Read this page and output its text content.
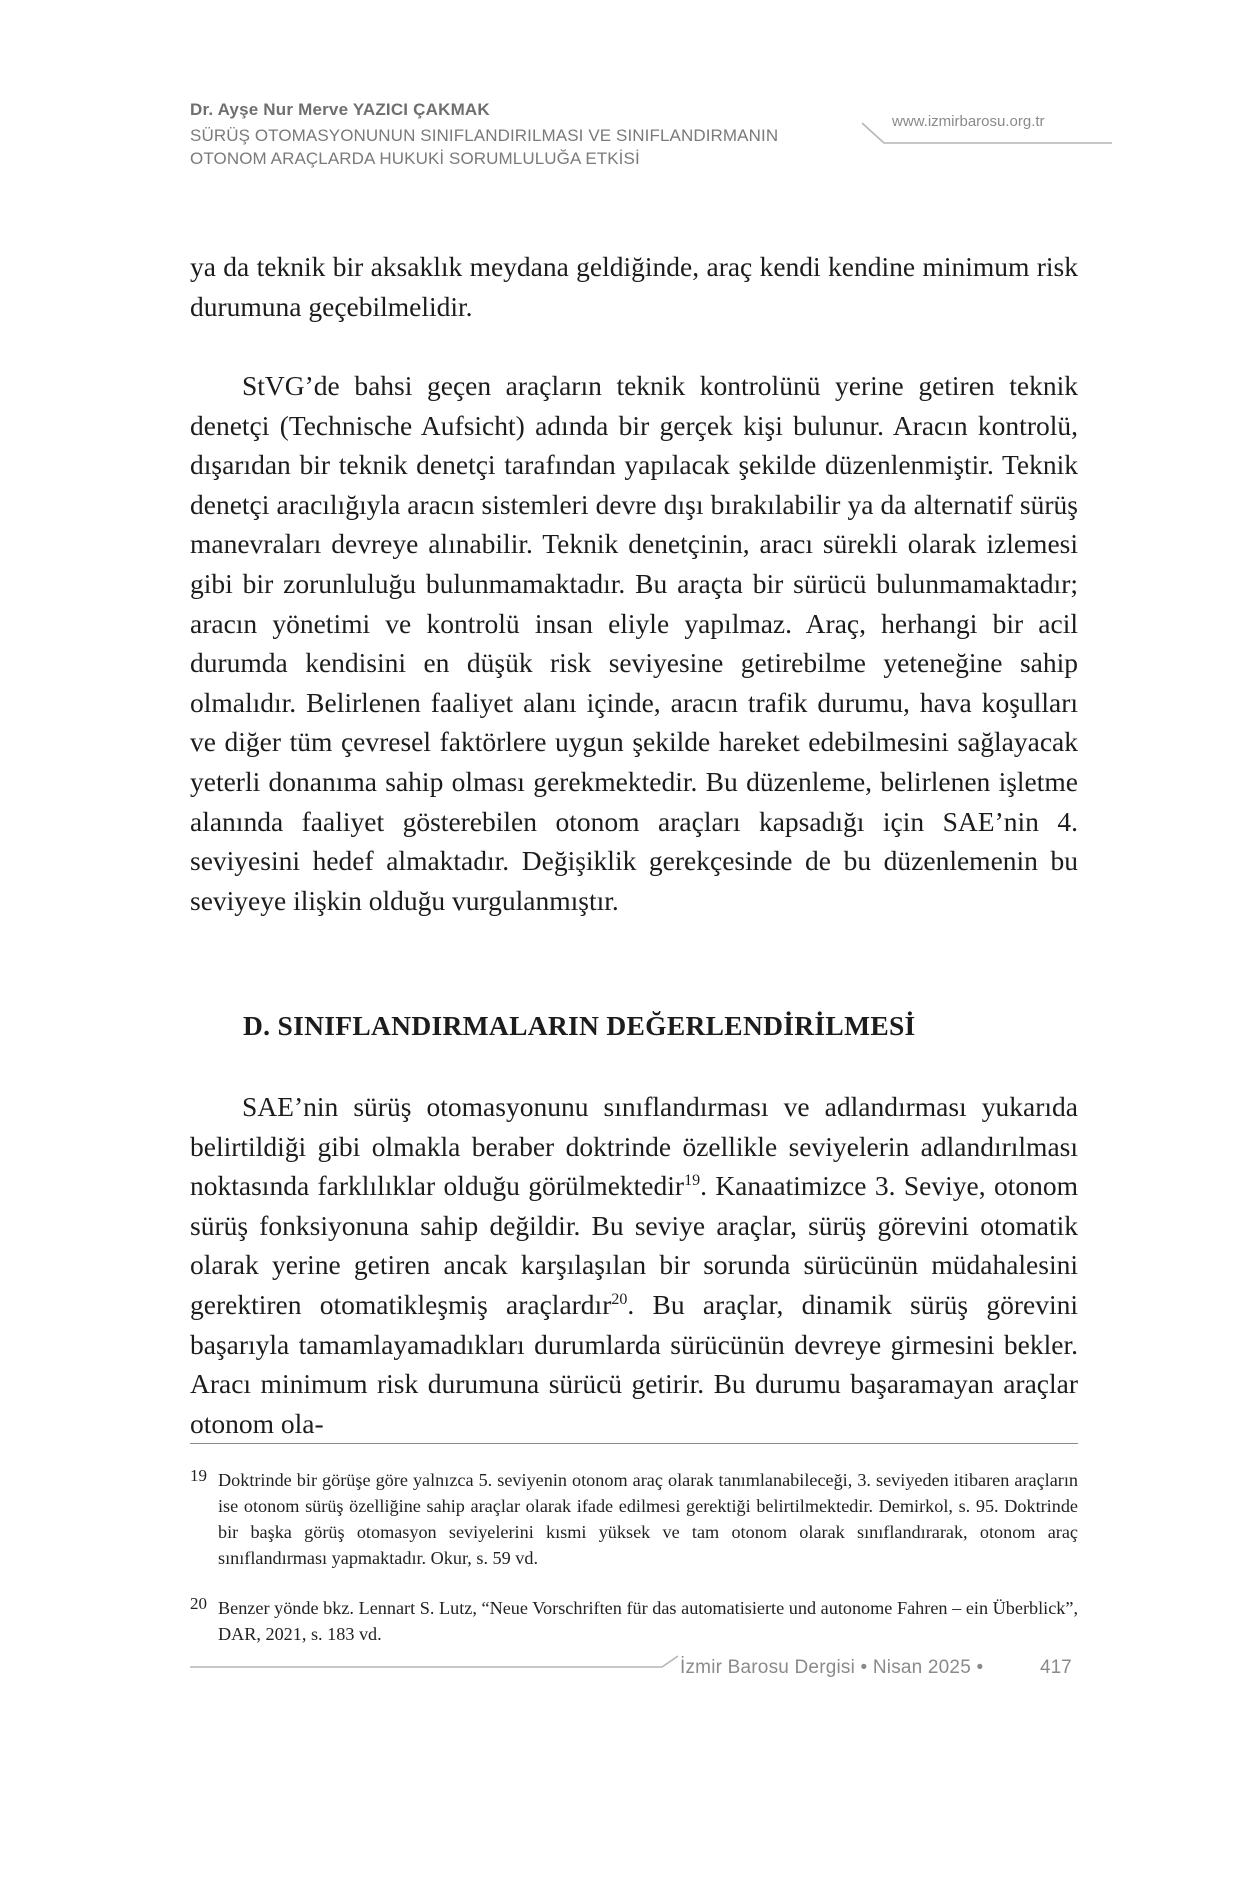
Dr. Ayşe Nur Merve YAZICI ÇAKMAK
SÜRÜŞ OTOMASYONUNUN SINIFLANDIRILMASI VE SINIFLANDIRMANIN
OTONOM ARAÇLARDA HUKUKİ SORUMLULUĞA ETKİSİ
www.izmirbarosu.org.tr

ya da teknik bir aksaklık meydana geldiğinde, araç kendi kendine minimum risk durumuna geçebilmelidir.

StVG’de bahsi geçen araçların teknik kontrolünü yerine getiren teknik denetçi (Technische Aufsicht) adında bir gerçek kişi bulunur. Aracın kontrolü, dışarıdan bir teknik denetçi tarafından yapılacak şekilde düzenlenmiştir. Teknik denetçi aracılığıyla aracın sistemleri devre dışı bırakılabilir ya da alternatif sürüş manevraları devreye alınabilir. Teknik denetçinin, aracı sürekli olarak izlemesi gibi bir zorunluluğu bulunmamaktadır. Bu araçta bir sürücü bulunmamaktadır; aracın yönetimi ve kontrolü insan eliyle yapılmaz. Araç, herhangi bir acil durumda kendisini en düşük risk seviyesine getirebilme yeteneğine sahip olmalıdır. Belirlenen faaliyet alanı içinde, aracın trafik durumu, hava koşulları ve diğer tüm çevresel faktörlere uygun şekilde hareket edebilmesini sağlayacak yeterli donanıma sahip olması gerekmektedir. Bu düzenleme, belirlenen işletme alanında faaliyet gösterebilen otonom araçları kapsadığı için SAE’nin 4. seviyesini hedef almaktadır. Değişiklik gerekçesinde de bu düzenlemenin bu seviyeye ilişkin olduğu vurgulanmıştır.

D. SINIFLANDIRMALARIN DEĞERLENDİRİLMESİ

SAE’nin sürüş otomasyonunu sınıflandırması ve adlandırması yukarıda belirtildiği gibi olmakla beraber doktrinde özellikle seviyelerin adlandırılması noktasında farklılıklar olduğu görülmektedir$^{19}$. Kanaatimizce 3. Seviye, otonom sürüş fonksiyonuna sahip değildir. Bu seviye araçlar, sürüş görevini otomatik olarak yerine getiren ancak karşılaşılan bir sorunda sürücünün müdahalesini gerektiren otomatikleşmiş araçlardır$^{20}$. Bu araçlar, dinamik sürüş görevini başarıyla tamamlayamadıkları durumlarda sürücünün devreye girmesini bekler. Aracı minimum risk durumuna sürücü getirir. Bu durumu başaramayan araçlar otonom ola-

19 Doktrinde bir görüşe göre yalnızca 5. seviyenin otonom araç olarak tanımlanabileceği, 3. seviyeden itibaren araçların ise otonom sürüş özelliğine sahip araçlar olarak ifade edilmesi gerektiği belirtilmektedir. Demirkol, s. 95. Doktrinde bir başka görüş otomasyon seviyelerini kısmi yüksek ve tam otonom olarak sınıflandırarak, otonom araç sınıflandırması yapmaktadır. Okur, s. 59 vd.
20 Benzer yönde bkz. Lennart S. Lutz, “Neue Vorschriften für das automatisierte und autonome Fahren – ein Überblick”, DAR, 2021, s. 183 vd.
İzmir Barosu Dergisi • Nisan 2025 •	417
